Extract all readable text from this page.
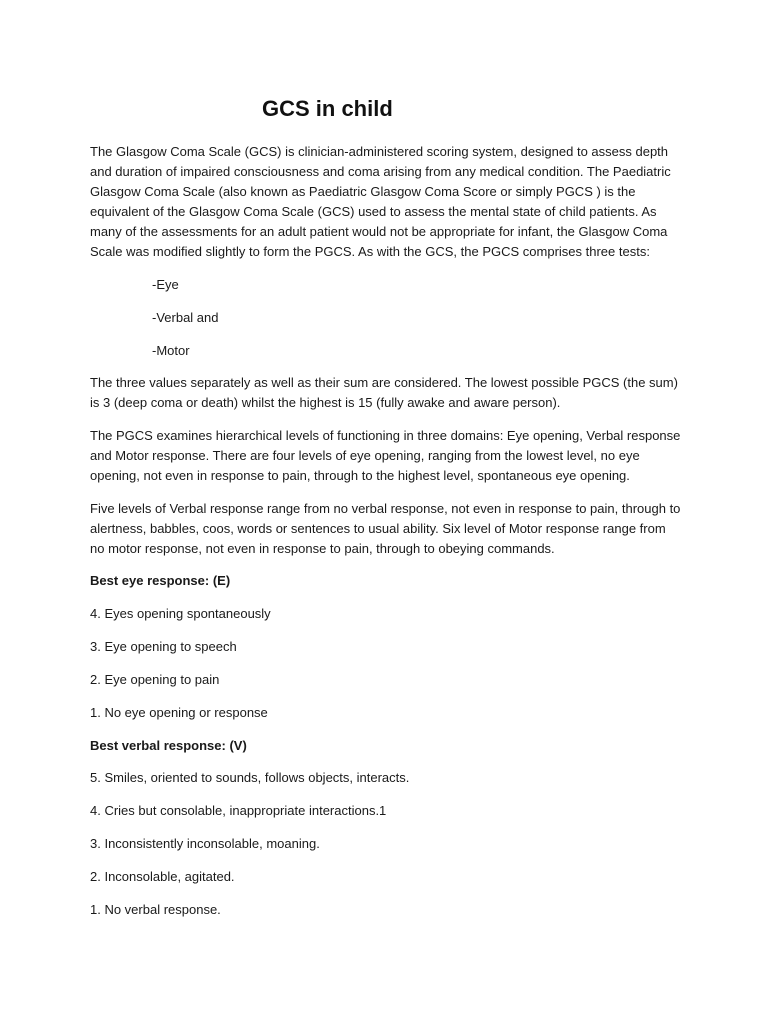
GCS in child

The Glasgow Coma Scale (GCS) is clinician-administered scoring system, designed to assess depth and duration of impaired consciousness and coma arising from any medical condition. The Paediatric Glasgow Coma Scale (also known as Paediatric Glasgow Coma Score or simply PGCS ) is the equivalent of the Glasgow Coma Scale (GCS) used to assess the mental state of child patients. As many of the assessments for an adult patient would not be appropriate for infant, the Glasgow Coma Scale was modified slightly to form the PGCS. As with the GCS, the PGCS comprises three tests:

-Eye

-Verbal and

-Motor

The three values separately as well as their sum are considered. The lowest possible PGCS (the sum) is 3 (deep coma or death) whilst the highest is 15 (fully awake and aware person).

The PGCS examines hierarchical levels of functioning in three domains: Eye opening, Verbal response and Motor response. There are four levels of eye opening, ranging from the lowest level, no eye opening, not even in response to pain, through to the highest level, spontaneous eye opening.

Five levels of Verbal response range from no verbal response, not even in response to pain, through to alertness, babbles, coos, words or sentences to usual ability. Six level of Motor response range from no motor response, not even in response to pain, through to obeying commands.

Best eye response: (E)

4. Eyes opening spontaneously

3. Eye opening to speech

2. Eye opening to pain

1. No eye opening or response

Best verbal response: (V)

5. Smiles, oriented to sounds, follows objects, interacts.

4. Cries but consolable, inappropriate interactions.1

3. Inconsistently inconsolable, moaning.

2. Inconsolable, agitated.

1. No verbal response.
